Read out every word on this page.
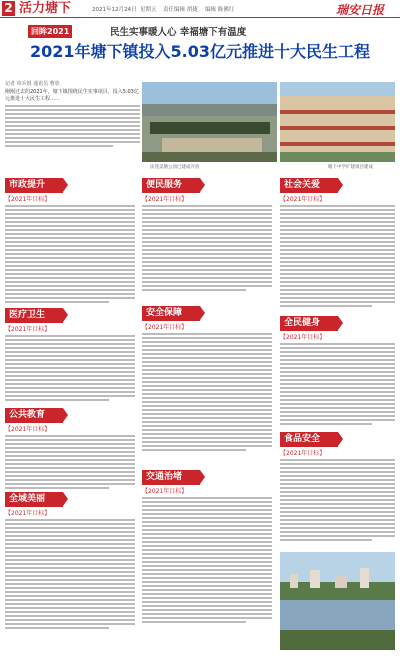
2 活力塘下	2021年12月24日 星期五 责任编辑 胡捷 编辑 陈佛红	瑞安日报
回眸2021	民生实事暖人心 幸福塘下有温度
2021年塘下镇投入5.03亿元推进十大民生工程
记者 章兵锐 通讯员 曹欣
刚刚过去的2021年，塘下镇围绕民生实事项目，投入5.03亿元推进十大民生工程……
法苑美塘公园已建成开放	塘下中学扩建项目建成
市政提升
【2021年目标】
医疗卫生
【2021年目标】
公共教育
【2021年目标】
全域美丽
【2021年目标】
便民服务
【2021年目标】
安全保障
【2021年目标】
交通治堵
【2021年目标】
社会关爱
【2021年目标】
全民健身
【2021年目标】
食品安全
【2021年目标】
